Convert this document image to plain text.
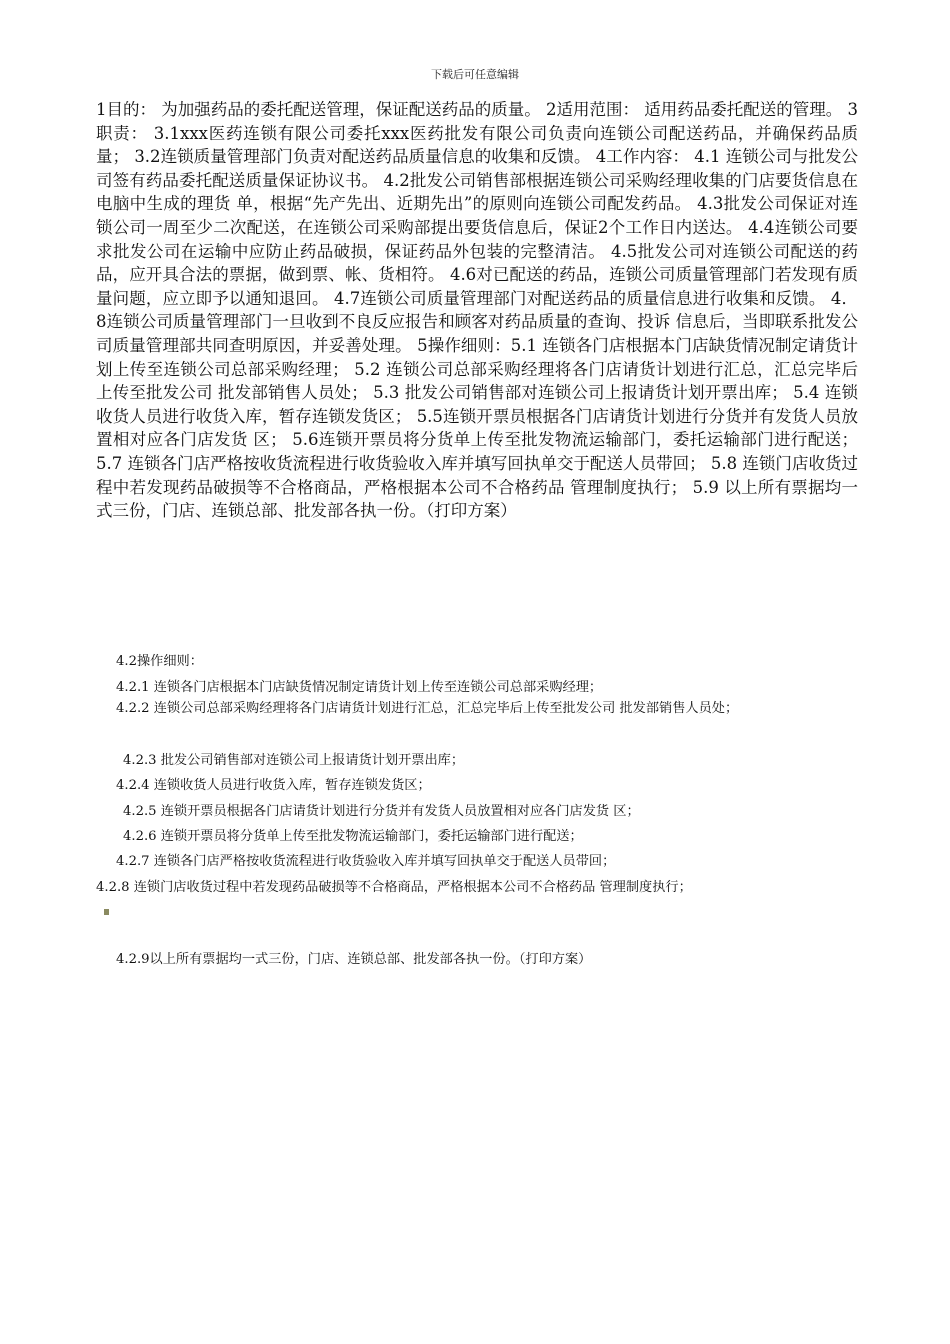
下载后可任意编辑
1目的： 为加强药品的委托配送管理，保证配送药品的质量。 2适用范围： 适用药品委托配送的管理。 3职责： 3.1xxx医药连锁有限公司委托xxx医药批发有限公司负责向连锁公司配送药品，并确保药品质量； 3.2连锁质量管理部门负责对配送药品质量信息的收集和反馈。 4工作内容： 4.1 连锁公司与批发公司签有药品委托配送质量保证协议书。 4.2批发公司销售部根据连锁公司采购经理收集的门店要货信息在电脑中生成的理货 单，根据“先产先出、近期先出”的原则向连锁公司配发药品。 4.3批发公司保证对连锁公司一周至少二次配送，在连锁公司采购部提出要货信息后，保证2个工作日内送达。 4.4连锁公司要求批发公司在运输中应防止药品破损，保证药品外包装的完整清洁。 4.5批发公司对连锁公司配送的药品，应开具合法的票据，做到票、帐、货相符。 4.6对已配送的药品，连锁公司质量管理部门若发现有质量问题，应立即予以通知退回。 4.7连锁公司质量管理部门对配送药品的质量信息进行收集和反馈。 4．8连锁公司质量管理部门一旦收到不良反应报告和顾客对药品质量的查询、投诉 信息后，当即联系批发公司质量管理部共同查明原因，并妥善处理。 5操作细则：5.1 连锁各门店根据本门店缺货情况制定请货计划上传至连锁公司总部采购经理； 5.2 连锁公司总部采购经理将各门店请货计划进行汇总，汇总完毕后上传至批发公司 批发部销售人员处； 5.3 批发公司销售部对连锁公司上报请货计划开票出库； 5.4 连锁收货人员进行收货入库，暂存连锁发货区； 5.5连锁开票员根据各门店请货计划进行分货并有发货人员放置相对应各门店发货 区； 5.6连锁开票员将分货单上传至批发物流运输部门，委托运输部门进行配送； 5.7 连锁各门店严格按收货流程进行收货验收入库并填写回执单交于配送人员带回； 5.8 连锁门店收货过程中若发现药品破损等不合格商品，严格根据本公司不合格药品 管理制度执行； 5.9 以上所有票据均一式三份，门店、连锁总部、批发部各执一份。（打印方案）
4.2操作细则：
4.2.1 连锁各门店根据本门店缺货情况制定请货计划上传至连锁公司总部采购经理；
4.2.2 连锁公司总部采购经理将各门店请货计划进行汇总，汇总完毕后上传至批发公司 批发部销售人员处；
4.2.3 批发公司销售部对连锁公司上报请货计划开票出库；
4.2.4 连锁收货人员进行收货入库，暂存连锁发货区；
4.2.5 连锁开票员根据各门店请货计划进行分货并有发货人员放置相对应各门店发货 区；
4.2.6 连锁开票员将分货单上传至批发物流运输部门，委托运输部门进行配送；
4.2.7 连锁各门店严格按收货流程进行收货验收入库并填写回执单交于配送人员带回；
4.2.8 连锁门店收货过程中若发现药品破损等不合格商品，严格根据本公司不合格药品 管理制度执行；
4.2.9以上所有票据均一式三份，门店、连锁总部、批发部各执一份。（打印方案）
